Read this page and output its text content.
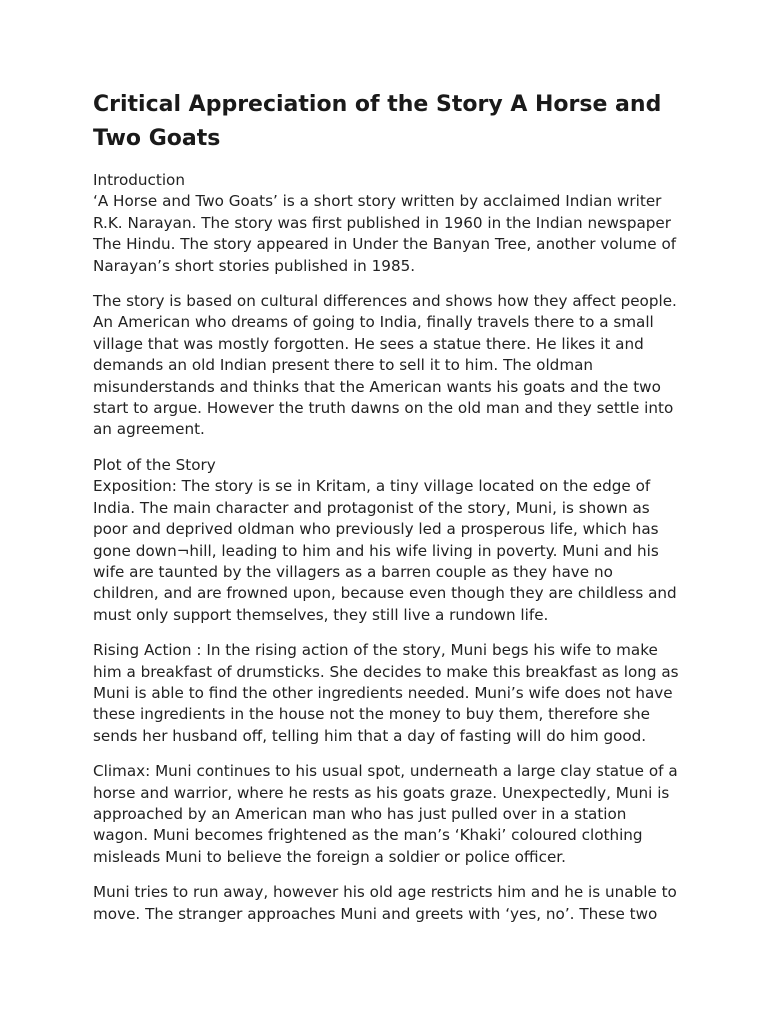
Critical Appreciation of the Story A Horse and Two Goats
Introduction
‘A Horse and Two Goats’ is a short story written by acclaimed Indian writer R.K. Narayan. The story was first published in 1960 in the Indian newspaper The Hindu. The story appeared in Under the Banyan Tree, another volume of Narayan’s short stories published in 1985.
The story is based on cultural differences and shows how they affect people. An American who dreams of going to India, finally travels there to a small village that was mostly forgotten. He sees a statue there. He likes it and demands an old Indian present there to sell it to him. The oldman misunderstands and thinks that the American wants his goats and the two start to argue. However the truth dawns on the old man and they settle into an agreement.
Plot of the Story
Exposition: The story is se in Kritam, a tiny village located on the edge of India. The main character and protagonist of the story, Muni, is shown as poor and deprived oldman who previously led a prosperous life, which has gone down¬hill, leading to him and his wife living in poverty. Muni and his wife are taunted by the villagers as a barren couple as they have no children, and are frowned upon, because even though they are childless and must only support themselves, they still live a rundown life.
Rising Action : In the rising action of the story, Muni begs his wife to make him a breakfast of drumsticks. She decides to make this breakfast as long as Muni is able to find the other ingredients needed. Muni’s wife does not have these ingredients in the house not the money to buy them, therefore she sends her husband off, telling him that a day of fasting will do him good.
Climax: Muni continues to his usual spot, underneath a large clay statue of a horse and warrior, where he rests as his goats graze. Unexpectedly, Muni is approached by an American man who has just pulled over in a station wagon. Muni becomes frightened as the man’s ‘Khaki’ coloured clothing misleads Muni to believe the foreign a soldier or police officer.
Muni tries to run away, however his old age restricts him and he is unable to move. The stranger approaches Muni and greets with ‘yes, no’. These two
